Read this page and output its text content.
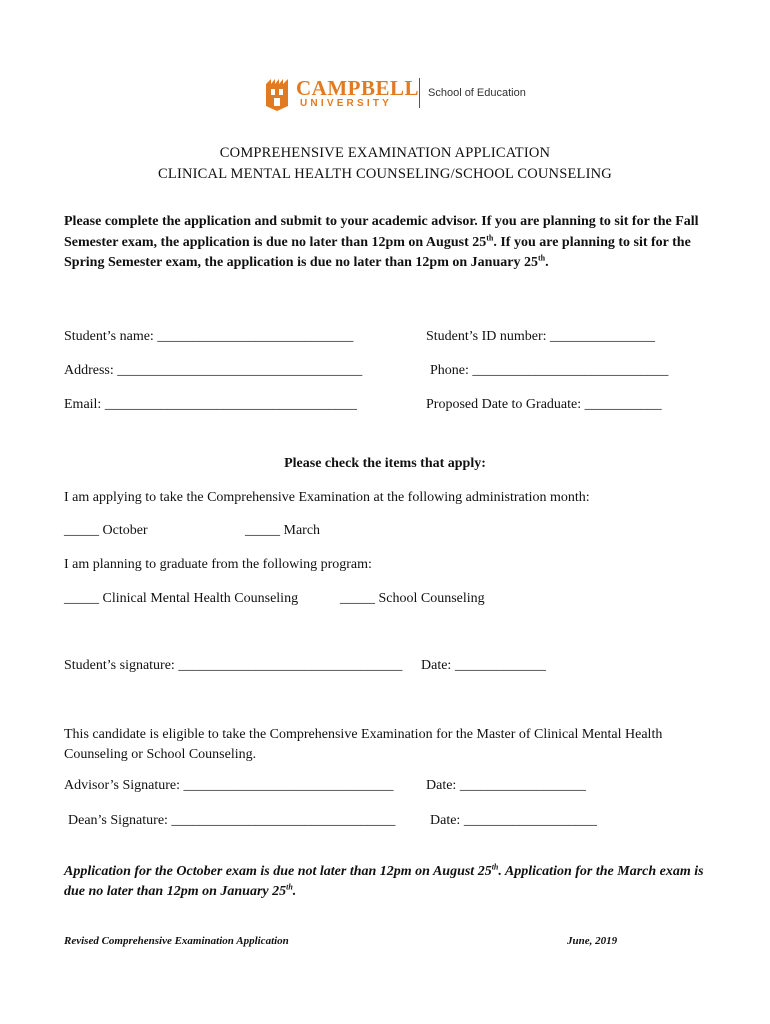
CAMPBELL
UNIVERSITY
School of Education
COMPREHENSIVE EXAMINATION APPLICATION
CLINICAL MENTAL HEALTH COUNSELING/SCHOOL COUNSELING
Please complete the application and submit to your academic advisor. If you are planning to sit for the Fall Semester exam, the application is due no later than 12pm on August 25th. If you are planning to sit for the Spring Semester exam, the application is due no later than 12pm on January 25th.
Student’s name: ____________________________	Student’s ID number: _______________
Address: ___________________________________	Phone: ____________________________
Email: ____________________________________	Proposed Date to Graduate: ___________
Please check the items that apply:
I am applying to take the Comprehensive Examination at the following administration month:
_____ October	_____ March
I am planning to graduate from the following program:
_____ Clinical Mental Health Counseling	_____ School Counseling
Student’s signature: ________________________________ Date: _____________
This candidate is eligible to take the Comprehensive Examination for the Master of Clinical Mental Health Counseling or School Counseling.
Advisor’s Signature: ______________________________ Date: __________________
Dean’s Signature: ________________________________ Date: ___________________
Application for the October exam is due not later than 12pm on August 25th. Application for the March exam is due no later than 12pm on January 25th.
Revised Comprehensive Examination Application	June, 2019
